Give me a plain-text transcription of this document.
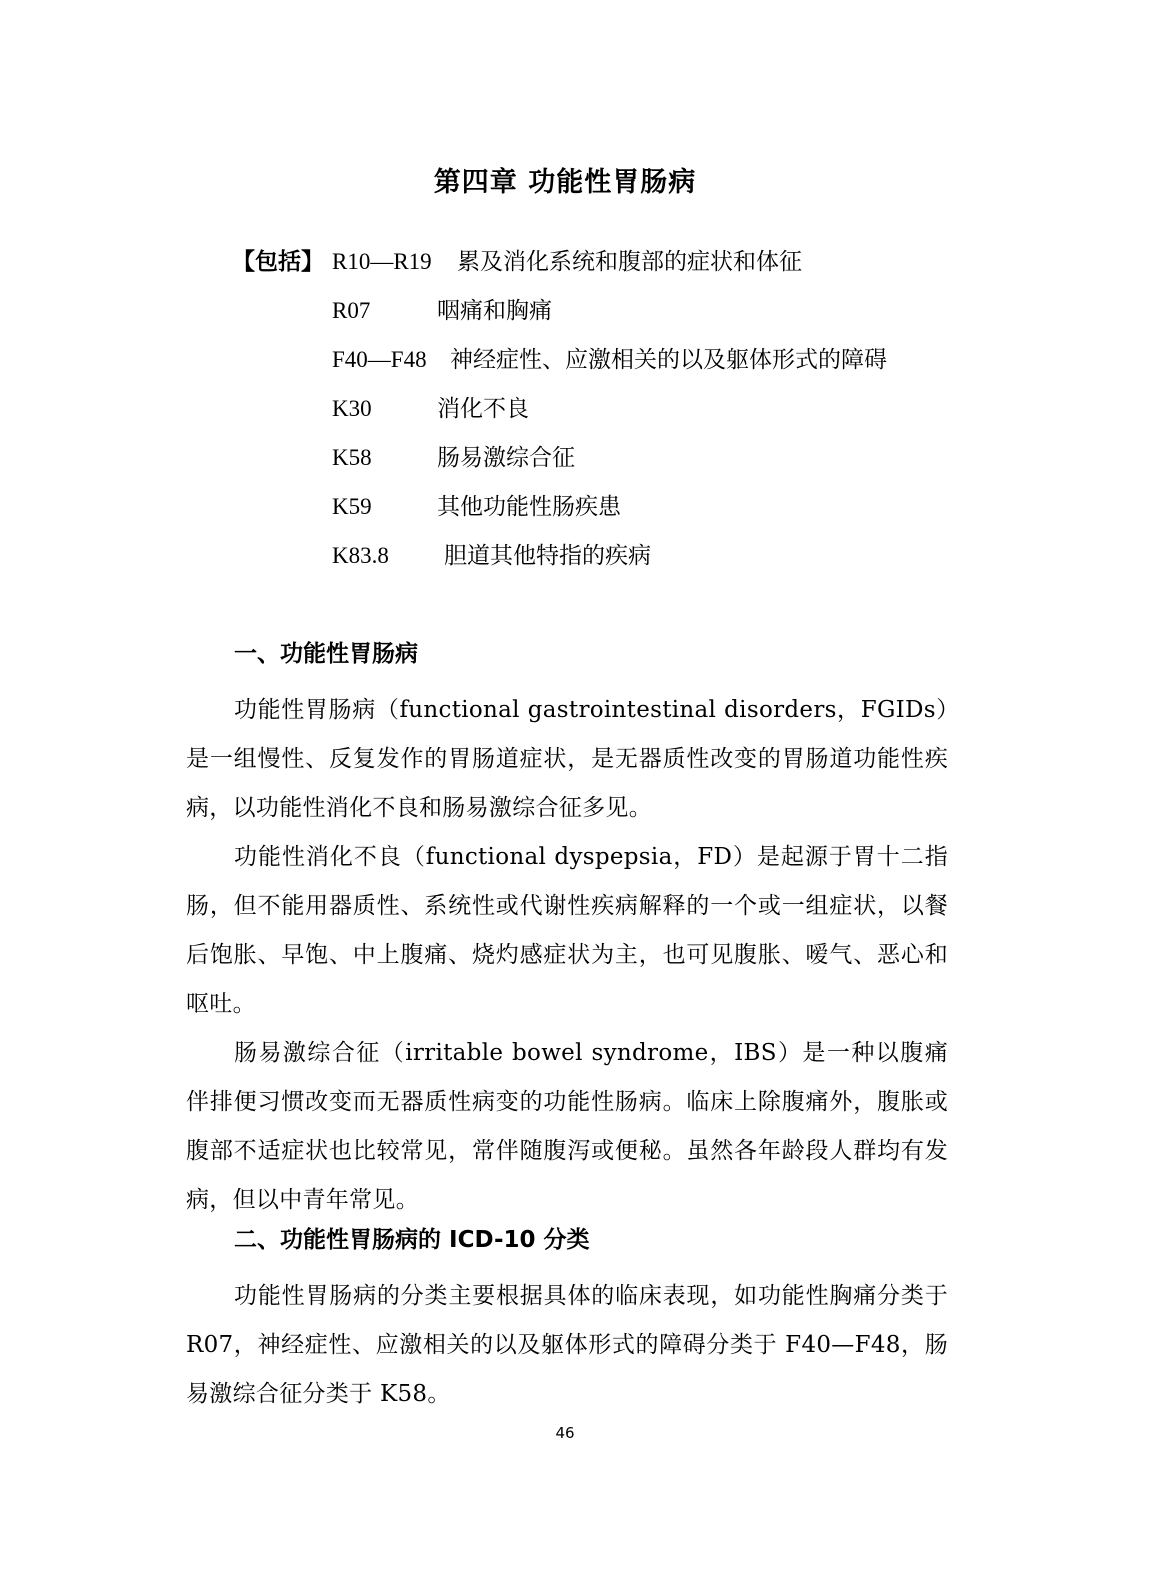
第四章 功能性胃肠病
【包括】 R10—R19 累及消化系统和腹部的症状和体征
R07	咽痛和胸痛
F40—F48 神经症性、应激相关的以及躯体形式的障碍
K30	消化不良
K58	肠易激综合征
K59	其他功能性肠疾患
K83.8 胆道其他特指的疾病
一、功能性胃肠病

功能性胃肠病（functional gastrointestinal disorders，FGIDs）是一组慢性、反复发作的胃肠道症状，是无器质性改变的胃肠道功能性疾病，以功能性消化不良和肠易激综合征多见。

功能性消化不良（functional dyspepsia，FD）是起源于胃十二指肠，但不能用器质性、系统性或代谢性疾病解释的一个或一组症状，以餐后饱胀、早饱、中上腹痛、烧灼感症状为主，也可见腹胀、嗳气、恶心和呕吐。

肠易激综合征（irritable bowel syndrome，IBS）是一种以腹痛伴排便习惯改变而无器质性病变的功能性肠病。临床上除腹痛外，腹胀或腹部不适症状也比较常见，常伴随腹泻或便秘。虽然各年龄段人群均有发病，但以中青年常见。

二、功能性胃肠病的 ICD-10 分类

功能性胃肠病的分类主要根据具体的临床表现，如功能性胸痛分类于 R07，神经症性、应激相关的以及躯体形式的障碍分类于 F40—F48，肠易激综合征分类于 K58。

46
